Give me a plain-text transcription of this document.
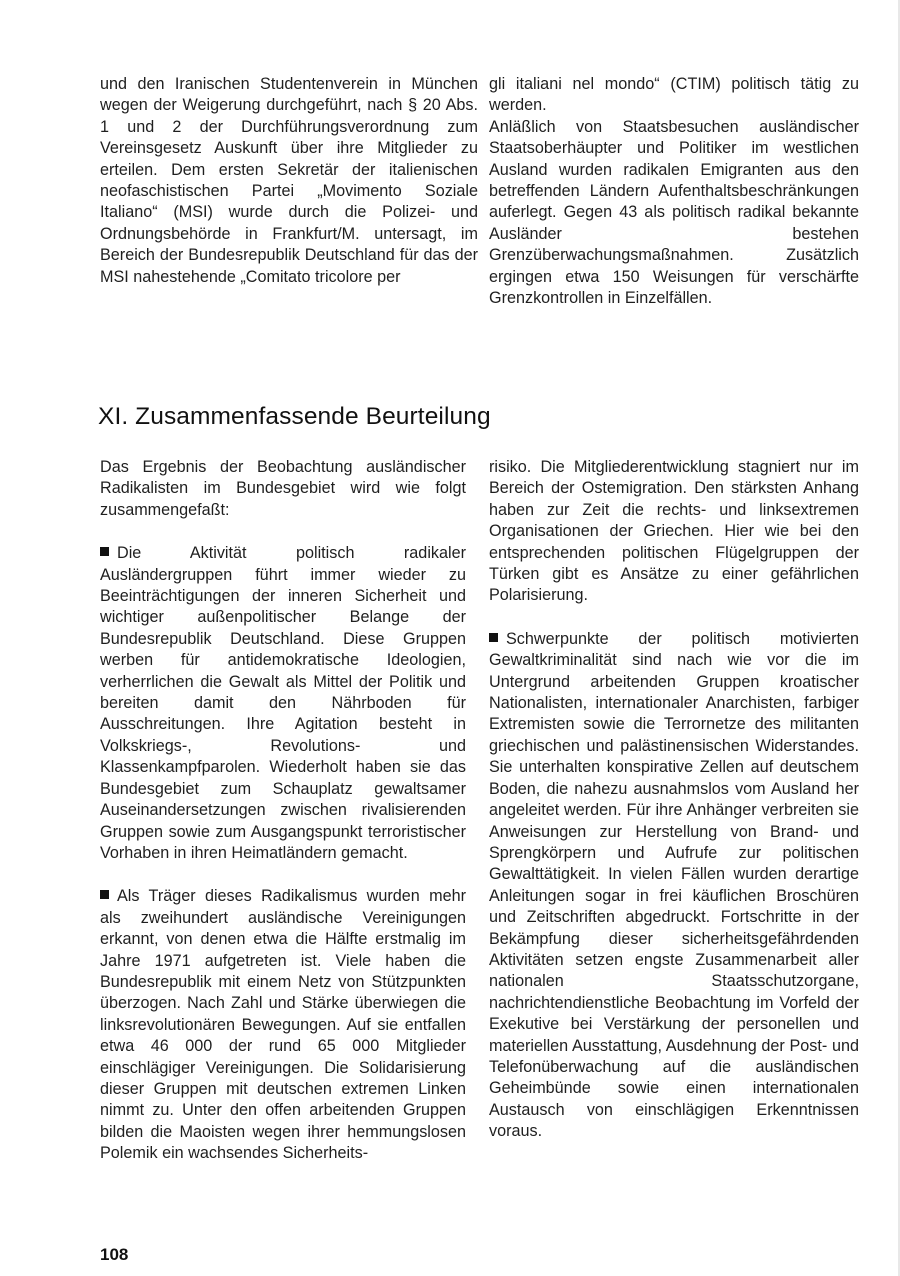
und den Iranischen Studentenverein in München wegen der Weigerung durchgeführt, nach § 20 Abs. 1 und 2 der Durchführungsverordnung zum Vereinsgesetz Auskunft über ihre Mitglieder zu erteilen. Dem ersten Sekretär der italienischen neofaschistischen Partei „Movimento Soziale Italiano“ (MSI) wurde durch die Polizei- und Ordnungsbehörde in Frankfurt/M. untersagt, im Bereich der Bundesrepublik Deutschland für das der MSI nahestehende „Comitato tricolore per

gli italiani nel mondo“ (CTIM) politisch tätig zu werden.

Anläßlich von Staatsbesuchen ausländischer Staatsoberhäupter und Politiker im westlichen Ausland wurden radikalen Emigranten aus den betreffenden Ländern Aufenthaltsbeschränkungen auferlegt. Gegen 43 als politisch radikal bekannte Ausländer bestehen Grenzüberwachungsmaßnahmen. Zusätzlich ergingen etwa 150 Weisungen für verschärfte Grenzkontrollen in Einzelfällen.

XI. Zusammenfassende Beurteilung

Das Ergebnis der Beobachtung ausländischer Radikalisten im Bundesgebiet wird wie folgt zusammengefaßt:

Die Aktivität politisch radikaler Ausländergruppen führt immer wieder zu Beeinträchtigungen der inneren Sicherheit und wichtiger außenpolitischer Belange der Bundesrepublik Deutschland. Diese Gruppen werben für antidemokratische Ideologien, verherrlichen die Gewalt als Mittel der Politik und bereiten damit den Nährboden für Ausschreitungen. Ihre Agitation besteht in Volkskriegs-, Revolutions- und Klassenkampfparolen. Wiederholt haben sie das Bundesgebiet zum Schauplatz gewaltsamer Auseinandersetzungen zwischen rivalisierenden Gruppen sowie zum Ausgangspunkt terroristischer Vorhaben in ihren Heimatländern gemacht.

Als Träger dieses Radikalismus wurden mehr als zweihundert ausländische Vereinigungen erkannt, von denen etwa die Hälfte erstmalig im Jahre 1971 aufgetreten ist. Viele haben die Bundesrepublik mit einem Netz von Stützpunkten überzogen. Nach Zahl und Stärke überwiegen die linksrevolutionären Bewegungen. Auf sie entfallen etwa 46 000 der rund 65 000 Mitglieder einschlägiger Vereinigungen. Die Solidarisierung dieser Gruppen mit deutschen extremen Linken nimmt zu. Unter den offen arbeitenden Gruppen bilden die Maoisten wegen ihrer hemmungslosen Polemik ein wachsendes Sicherheits-

risiko. Die Mitgliederentwicklung stagniert nur im Bereich der Ostemigration. Den stärksten Anhang haben zur Zeit die rechts- und linksextremen Organisationen der Griechen. Hier wie bei den entsprechenden politischen Flügelgruppen der Türken gibt es Ansätze zu einer gefährlichen Polarisierung.

Schwerpunkte der politisch motivierten Gewaltkriminalität sind nach wie vor die im Untergrund arbeitenden Gruppen kroatischer Nationalisten, internationaler Anarchisten, farbiger Extremisten sowie die Terrornetze des militanten griechischen und palästinensischen Widerstandes. Sie unterhalten konspirative Zellen auf deutschem Boden, die nahezu ausnahmslos vom Ausland her angeleitet werden. Für ihre Anhänger verbreiten sie Anweisungen zur Herstellung von Brand- und Sprengkörpern und Aufrufe zur politischen Gewalttätigkeit. In vielen Fällen wurden derartige Anleitungen sogar in frei käuflichen Broschüren und Zeitschriften abgedruckt. Fortschritte in der Bekämpfung dieser sicherheitsgefährdenden Aktivitäten setzen engste Zusammenarbeit aller nationalen Staatsschutzorgane, nachrichtendienstliche Beobachtung im Vorfeld der Exekutive bei Verstärkung der personellen und materiellen Ausstattung, Ausdehnung der Post- und Telefonüberwachung auf die ausländischen Geheimbünde sowie einen internationalen Austausch von einschlägigen Erkenntnissen voraus.

108
